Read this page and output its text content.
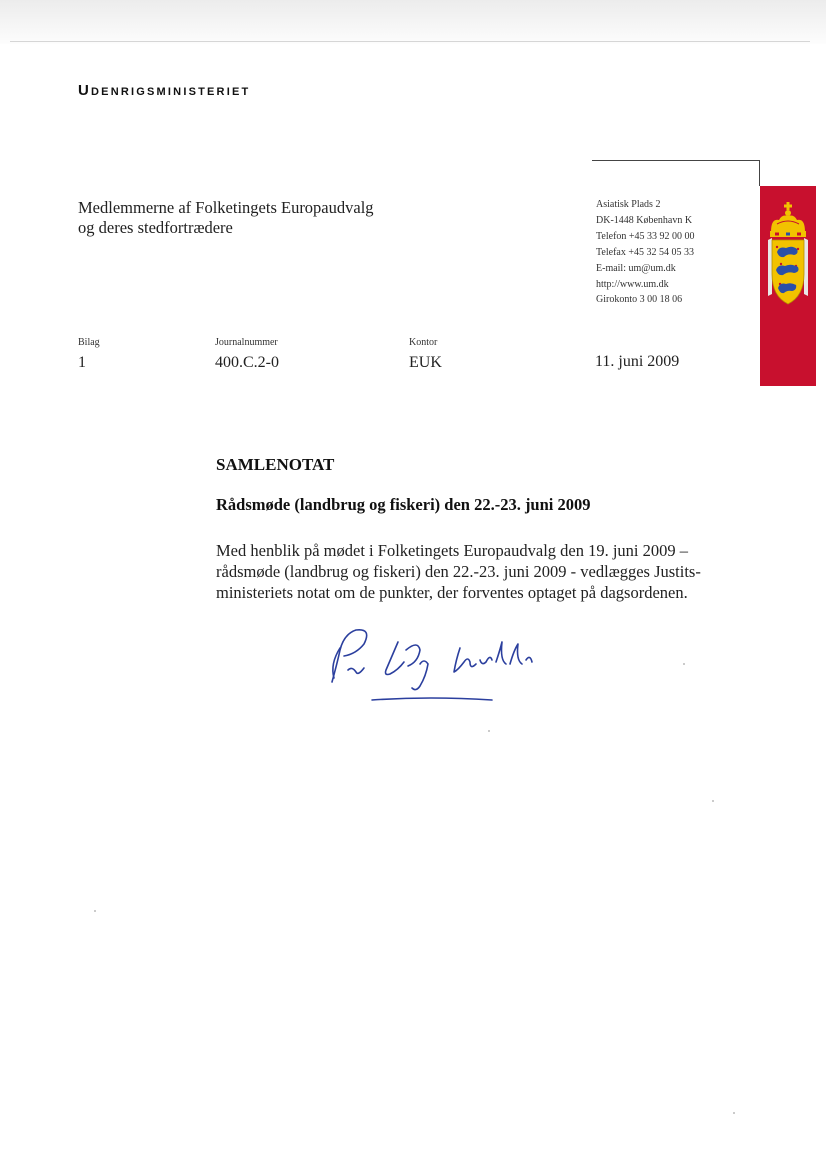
Udenrigsministeriet
Medlemmerne af Folketingets Europaudvalg
og deres stedfortrædere
Asiatisk Plads 2
DK-1448 København K
Telefon +45 33 92 00 00
Telefax +45 32 54 05 33
E-mail: um@um.dk
http://www.um.dk
Girokonto 3 00 18 06
Bilag
1
Journalnummer
400.C.2-0
Kontor
EUK	11. juni 2009
SAMLENOTAT
Rådsmøde (landbrug og fiskeri) den 22.-23. juni 2009
Med henblik på mødet i Folketingets Europaudvalg den 19. juni 2009 –
rådsmøde (landbrug og fiskeri) den 22.-23. juni 2009 - vedlægges Justits-
ministeriets notat om de punkter, der forventes optaget på dagsordenen.
